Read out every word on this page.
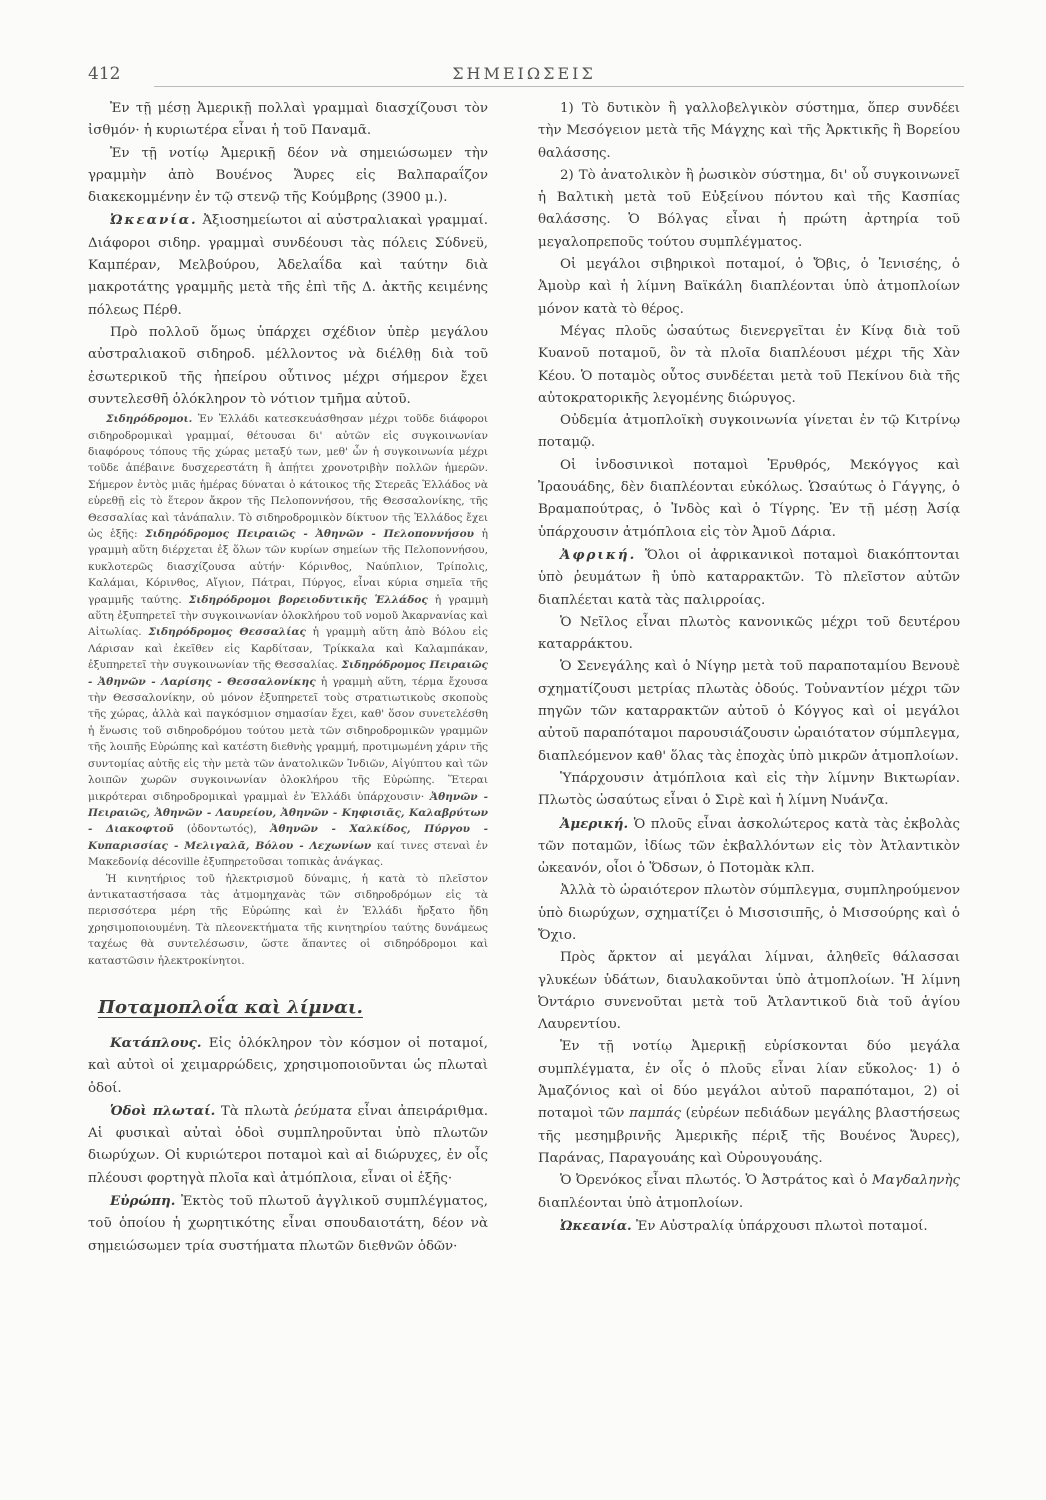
412	ΣΗΜΕΙΩΣΕΙΣ

Ἐν τῇ μέσῃ Ἀμερικῇ πολλαὶ γραμμαὶ διασχίζουσι τὸν ἰσθμόν· ἡ κυριωτέρα εἶναι ἡ τοῦ Παναμᾶ.

Ἐν τῇ νοτίῳ Ἀμερικῇ δέον νὰ σημειώσωμεν τὴν γραμμὴν ἀπὸ Βουένος Ἄυρες εἰς Βαλπαραΐζον διακεκομμένην ἐν τῷ στενῷ τῆς Κούμβρης (3900 μ.).

Ὠκεανία. Ἀξιοσημείωτοι αἱ αὐστραλιακαὶ γραμμαί. Διάφοροι σιδηρ. γραμμαὶ συνδέουσι τὰς πόλεις Σύδνεϋ, Καμπέραν, Μελβούρου, Ἀδελαΐδα καὶ ταύτην διὰ μακροτάτης γραμμῆς μετὰ τῆς ἐπὶ τῆς Δ. ἀκτῆς κειμένης πόλεως Πέρθ.

Πρὸ πολλοῦ ὅμως ὑπάρχει σχέδιον ὑπὲρ μεγάλου αὐστραλιακοῦ σιδηροδ. μέλλοντος νὰ διέλθῃ διὰ τοῦ ἐσωτερικοῦ τῆς ἠπείρου οὗτινος μέχρι σήμερον ἔχει συντελεσθῆ ὁλόκληρον τὸ νότιον τμῆμα αὐτοῦ.

Σιδηρόδρομοι. Ἐν Ἑλλάδι κατεσκευάσθησαν μέχρι τοῦδε διάφοροι σιδηροδρομικαὶ γραμμαί, θέτουσαι δι' αὐτῶν εἰς συγκοινωνίαν διαφόρους τόπους τῆς χώρας μεταξύ των, μεθ' ὧν ἡ συγκοινωνία μέχρι τοῦδε ἀπέβαινε δυσχερεστάτη ἢ ἀπῄτει χρονοτριβὴν πολλῶν ἡμερῶν. Σήμερον ἐντὸς μιᾶς ἡμέρας δύναται ὁ κάτοικος τῆς Στερεᾶς Ἑλλάδος νὰ εὑρεθῇ εἰς τὸ ἕτερον ἄκρον τῆς Πελοποννήσου, τῆς Θεσσαλονίκης, τῆς Θεσσαλίας καὶ τἀνάπαλιν. Τὸ σιδηροδρομικὸν δίκτυον τῆς Ἑλλάδος ἔχει ὡς ἑξῆς: Σιδηρόδρομος Πειραιῶς - Ἀθηνῶν - Πελοποννήσου ἡ γραμμὴ αὕτη διέρχεται ἐξ ὅλων τῶν κυρίων σημείων τῆς Πελοποννήσου, κυκλοτερῶς διασχίζουσα αὐτήν· Κόρινθος, Ναύπλιον, Τρίπολις, Καλάμαι, Κόρινθος, Αἴγιον, Πάτραι, Πύργος, εἶναι κύρια σημεῖα τῆς γραμμῆς ταύτης. Σιδηρόδρομοι βορειοδυτικῆς Ἑλλάδος ἡ γραμμὴ αὕτη ἐξυπηρετεῖ τὴν συγκοινωνίαν ὁλοκλήρου τοῦ νομοῦ Ἀκαρνανίας καὶ Αἰτωλίας. Σιδηρόδρομος Θεσσαλίας ἡ γραμμὴ αὕτη ἀπὸ Βόλου εἰς Λάρισαν καὶ ἐκεῖθεν εἰς Καρδίτσαν, Τρίκκαλα καὶ Καλαμπάκαν, ἐξυπηρετεῖ τὴν συγκοινωνίαν τῆς Θεσσαλίας. Σιδηρόδρομος Πειραιῶς - Ἀθηνῶν - Λαρίσης - Θεσσαλονίκης ἡ γραμμὴ αὕτη, τέρμα ἔχουσα τὴν Θεσσαλονίκην, οὐ μόνον ἐξυπηρετεῖ τοὺς στρατιωτικοὺς σκοποὺς τῆς χώρας, ἀλλὰ καὶ παγκόσμιον σημασίαν ἔχει, καθ' ὅσον συνετελέσθη ἡ ἕνωσις τοῦ σιδηροδρόμου τούτου μετὰ τῶν σιδηροδρομικῶν γραμμῶν τῆς λοιπῆς Εὐρώπης καὶ κατέστη διεθνὴς γραμμή, προτιμωμένη χάριν τῆς συντομίας αὐτῆς εἰς τὴν μετὰ τῶν ἀνατολικῶν Ἰνδιῶν, Αἰγύπτου καὶ τῶν λοιπῶν χωρῶν συγκοινωνίαν ὁλοκλήρου τῆς Εὐρώπης. Ἕτεραι μικρότεραι σιδηροδρομικαὶ γραμμαὶ ἐν Ἑλλάδι ὑπάρχουσιν· Ἀθηνῶν - Πειραιῶς, Ἀθηνῶν - Λαυρείου, Ἀθηνῶν - Κηφισιᾶς, Καλαβρύτων - Διακοφτοῦ (ὀδοντωτός), Ἀθηνῶν - Χαλκίδος, Πύργου - Κυπαρισσίας - Μελιγαλᾶ, Βόλου - Λεχωνίων καί τινες στεναὶ ἐν Μακεδονίᾳ décoville ἐξυπηρετοῦσαι τοπικὰς ἀνάγκας.

Ἡ κινητήριος τοῦ ἠλεκτρισμοῦ δύναμις, ἡ κατὰ τὸ πλεῖστον ἀντικαταστήσασα τὰς ἀτμομηχανὰς τῶν σιδηροδρόμων εἰς τὰ περισσότερα μέρη τῆς Εὐρώπης καὶ ἐν Ἑλλάδι ἤρξατο ἤδη χρησιμοποιουμένη. Τὰ πλεονεκτήματα τῆς κινητηρίου ταύτης δυνάμεως ταχέως θὰ συντελέσωσιν, ὥστε ἅπαντες οἱ σιδηρόδρομοι καὶ καταστῶσιν ἠλεκτροκίνητοι.

Ποταμοπλοΐα καὶ λίμναι.

Κατάπλους. Εἰς ὁλόκληρον τὸν κόσμον οἱ ποταμοί, καὶ αὐτοὶ οἱ χειμαρρώδεις, χρησιμοποιοῦνται ὡς πλωταὶ ὁδοί.

Ὁδοὶ πλωταί. Τὰ πλωτὰ ῥεύματα εἶναι ἀπειράριθμα. Αἱ φυσικαὶ αὐταὶ ὁδοὶ συμπληροῦνται ὑπὸ πλωτῶν διωρύχων. Οἱ κυριώτεροι ποταμοὶ καὶ αἱ διώρυχες, ἐν οἷς πλέουσι φορτηγὰ πλοῖα καὶ ἀτμόπλοια, εἶναι οἱ ἑξῆς·

Εὐρώπη. Ἐκτὸς τοῦ πλωτοῦ ἀγγλικοῦ συμπλέγματος, τοῦ ὁποίου ἡ χωρητικότης εἶναι σπουδαιοτάτη, δέον νὰ σημειώσωμεν τρία συστήματα πλωτῶν διεθνῶν ὁδῶν·

1) Τὸ δυτικὸν ἢ γαλλοβελγικὸν σύστημα, ὅπερ συνδέει τὴν Μεσόγειον μετὰ τῆς Μάγχης καὶ τῆς Ἀρκτικῆς ἢ Βορείου θαλάσσης.

2) Τὸ ἀνατολικὸν ἢ ῥωσικὸν σύστημα, δι' οὗ συγκοινωνεῖ ἡ Βαλτικὴ μετὰ τοῦ Εὐξείνου πόντου καὶ τῆς Κασπίας θαλάσσης. Ὁ Βόλγας εἶναι ἡ πρώτη ἀρτηρία τοῦ μεγαλοπρεποῦς τούτου συμπλέγματος.

Οἱ μεγάλοι σιβηρικοὶ ποταμοί, ὁ Ὄβις, ὁ Ἰενισέης, ὁ Ἀμοὺρ καὶ ἡ λίμνη Βαϊκάλη διαπλέονται ὑπὸ ἀτμοπλοίων μόνον κατὰ τὸ θέρος.

Μέγας πλοῦς ὡσαύτως διενεργεῖται ἐν Κίνᾳ διὰ τοῦ Κυανοῦ ποταμοῦ, ὃν τὰ πλοῖα διαπλέουσι μέχρι τῆς Χὰν Κέου. Ὁ ποταμὸς οὗτος συνδέεται μετὰ τοῦ Πεκίνου διὰ τῆς αὐτοκρατορικῆς λεγομένης διώρυγος.

Οὐδεμία ἀτμοπλοϊκὴ συγκοινωνία γίνεται ἐν τῷ Κιτρίνῳ ποταμῷ.

Οἱ ἰνδοσινικοὶ ποταμοὶ Ἐρυθρός, Μεκόγγος καὶ Ἰραουάδης, δὲν διαπλέονται εὐκόλως. Ὡσαύτως ὁ Γάγγης, ὁ Βραμαπούτρας, ὁ Ἰνδὸς καὶ ὁ Τίγρης. Ἐν τῇ μέσῃ Ἀσίᾳ ὑπάρχουσιν ἀτμόπλοια εἰς τὸν Ἀμοῦ Δάρια.

Ἀφρική. Ὅλοι οἱ ἀφρικανικοὶ ποταμοὶ διακόπτονται ὑπὸ ῥευμάτων ἢ ὑπὸ καταρρακτῶν. Τὸ πλεῖστον αὐτῶν διαπλέεται κατὰ τὰς παλιρροίας.

Ὁ Νεῖλος εἶναι πλωτὸς κανονικῶς μέχρι τοῦ δευτέρου καταρράκτου.

Ὁ Σενεγάλης καὶ ὁ Νίγηρ μετὰ τοῦ παραποταμίου Βενουὲ σχηματίζουσι μετρίας πλωτὰς ὁδούς. Τοὐναντίον μέχρι τῶν πηγῶν τῶν καταρρακτῶν αὐτοῦ ὁ Κόγγος καὶ οἱ μεγάλοι αὐτοῦ παραπόταμοι παρουσιάζουσιν ὡραιότατον σύμπλεγμα, διαπλεόμενον καθ' ὅλας τὰς ἐποχὰς ὑπὸ μικρῶν ἀτμοπλοίων.

Ὑπάρχουσιν ἀτμόπλοια καὶ εἰς τὴν λίμνην Βικτωρίαν. Πλωτὸς ὡσαύτως εἶναι ὁ Σιρὲ καὶ ἡ λίμνη Νυάνζα.

Ἀμερική. Ὁ πλοῦς εἶναι ἀσκολώτερος κατὰ τὰς ἐκβολὰς τῶν ποταμῶν, ἰδίως τῶν ἐκβαλλόντων εἰς τὸν Ἀτλαντικὸν ὠκεανόν, οἷοι ὁ Ὅδσων, ὁ Ποτομὰκ κλπ.

Ἀλλὰ τὸ ὡραιότερον πλωτὸν σύμπλεγμα, συμπληρούμενον ὑπὸ διωρύχων, σχηματίζει ὁ Μισσισιπῆς, ὁ Μισσούρης καὶ ὁ Ὄχιο.

Πρὸς ἄρκτον αἱ μεγάλαι λίμναι, ἀληθεῖς θάλασσαι γλυκέων ὑδάτων, διαυλακοῦνται ὑπὸ ἀτμοπλοίων. Ἡ λίμνη Ὀντάριο συνενοῦται μετὰ τοῦ Ἀτλαντικοῦ διὰ τοῦ ἁγίου Λαυρεντίου.

Ἐν τῇ νοτίῳ Ἀμερικῇ εὑρίσκονται δύο μεγάλα συμπλέγματα, ἐν οἷς ὁ πλοῦς εἶναι λίαν εὔκολος· 1) ὁ Ἀμαζόνιος καὶ οἱ δύο μεγάλοι αὐτοῦ παραπόταμοι, 2) οἱ ποταμοὶ τῶν παμπάς (εὐρέων πεδιάδων μεγάλης βλαστήσεως τῆς μεσημβρινῆς Ἀμερικῆς πέριξ τῆς Βουένος Ἄυρες), Παράνας, Παραγουάης καὶ Οὐρουγουάης.

Ὁ Ὀρενόκος εἶναι πλωτός. Ὁ Ἀστράτος καὶ ὁ Μαγδαληνὴς διαπλέονται ὑπὸ ἀτμοπλοίων.

Ὠκεανία. Ἐν Αὐστραλίᾳ ὑπάρχουσι πλωτοὶ ποταμοί.
